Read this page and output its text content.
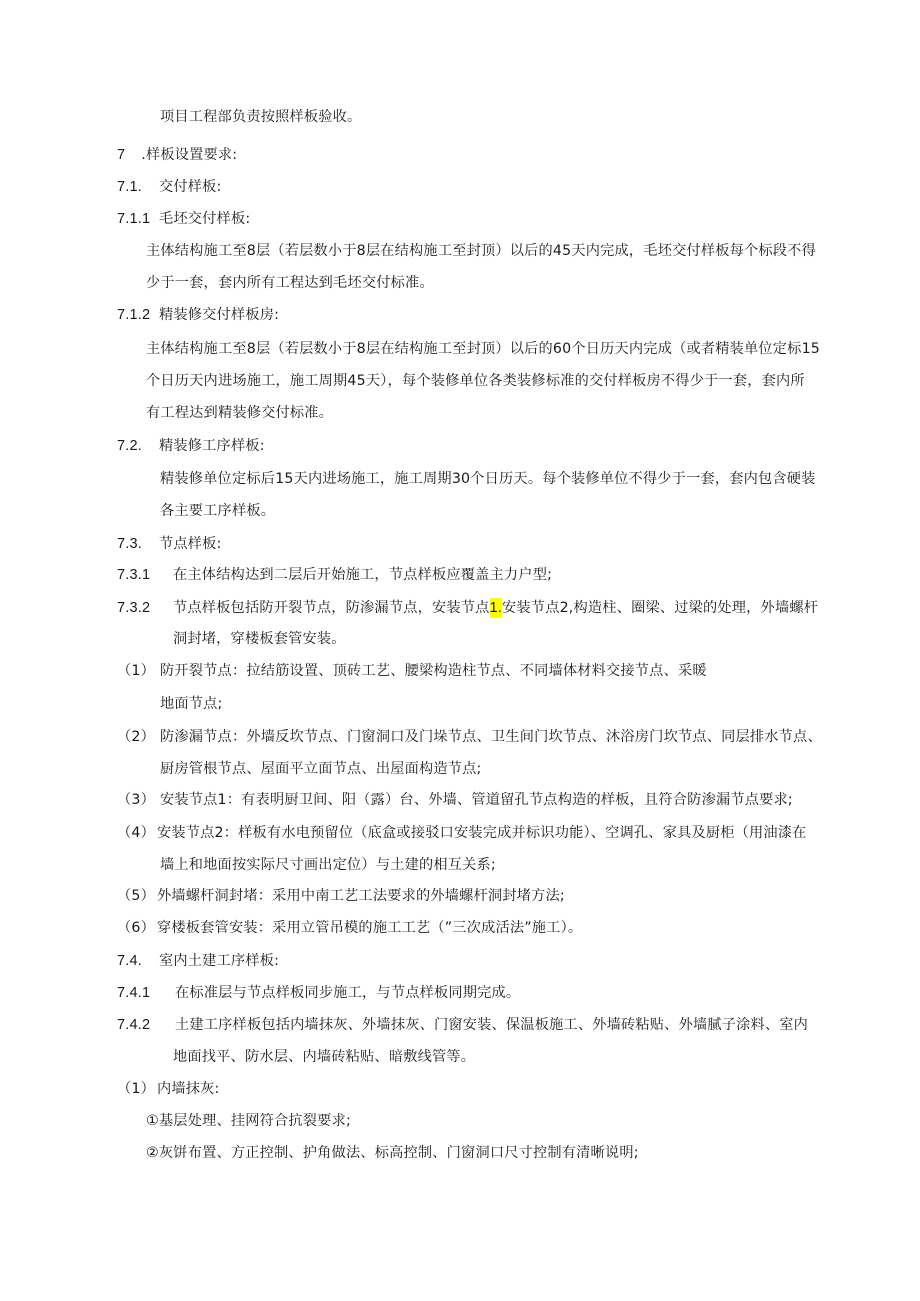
项目工程部负责按照样板验收。
7 .样板设置要求:
7.1. 交付样板:
7.1.1 毛坯交付样板:
主体结构施工至8层（若层数小于8层在结构施工至封顶）以后的45天内完成，毛坯交付样板每个标段不得
少于一套，套内所有工程达到毛坯交付标准。
7.1.2 精装修交付样板房:
主体结构施工至8层（若层数小于8层在结构施工至封顶）以后的60个日历天内完成（或者精装单位定标15
个日历天内进场施工，施工周期45天），每个装修单位各类装修标准的交付样板房不得少于一套，套内所
有工程达到精装修交付标准。
7.2. 精装修工序样板:
精装修单位定标后15天内进场施工，施工周期30个日历天。每个装修单位不得少于一套，套内包含硬装
各主要工序样板。
7.3. 节点样板:
7.3.1 在主体结构达到二层后开始施工，节点样板应覆盖主力户型;
7.3.2 节点样板包括防开裂节点，防渗漏节点，安装节点1.安装节点2,构造柱、圈梁、过梁的处理，外墙螺杆
洞封堵，穿楼板套管安装。
（1） 防开裂节点：拉结筋设置、顶砖工艺、腰梁构造柱节点、不同墙体材料交接节点、采暖
地面节点;
（2） 防渗漏节点：外墙反坎节点、门窗洞口及门垛节点、卫生间门坎节点、沐浴房门坎节点、同层排水节点、
厨房管根节点、屋面平立面节点、出屋面构造节点;
（3） 安装节点1：有表明厨卫间、阳（露）台、外墙、管道留孔节点构造的样板，且符合防渗漏节点要求;
（4） 安装节点2：样板有水电预留位（底盒或接驳口安装完成并标识功能）、空调孔、家具及厨柜（用油漆在
墙上和地面按实际尺寸画出定位）与土建的相互关系;
（5） 外墙螺杆洞封堵：采用中南工艺工法要求的外墙螺杆洞封堵方法;
（6） 穿楼板套管安装：采用立管吊模的施工工艺（”三次成活法”施工）。
7.4. 室内土建工序样板:
7.4.1 在标准层与节点样板同步施工，与节点样板同期完成。
7.4.2 土建工序样板包括内墙抹灰、外墙抹灰、门窗安装、保温板施工、外墙砖粘贴、外墙腻子涂料、室内
地面找平、防水层、内墙砖粘贴、暗敷线管等。
（1） 内墙抹灰:
①基层处理、挂网符合抗裂要求;
②灰饼布置、方正控制、护角做法、标高控制、门窗洞口尺寸控制有清晰说明;
